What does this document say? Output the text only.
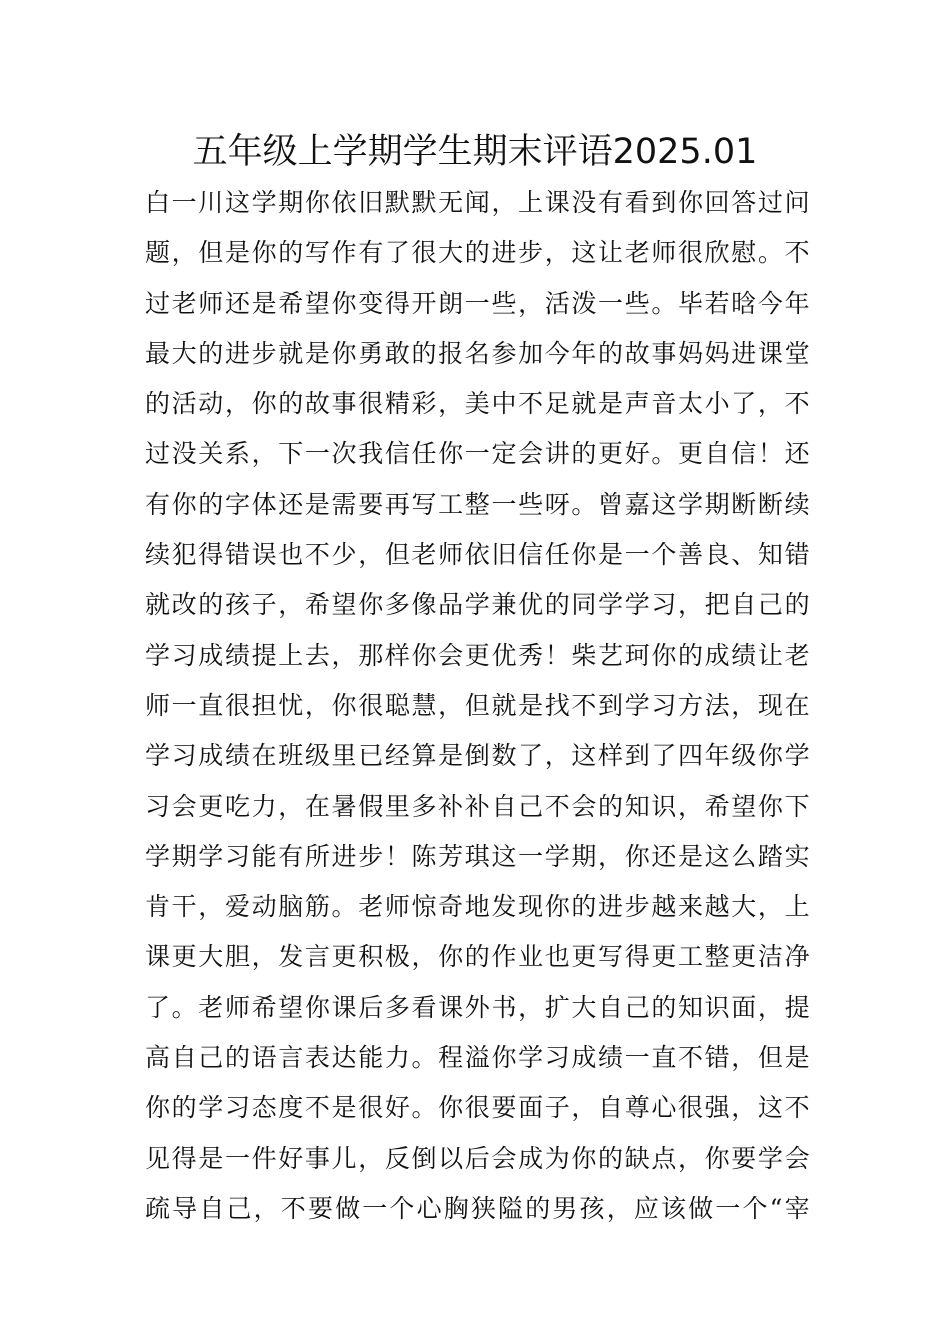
五年级上学期学生期末评语2025.01
白一川这学期你依旧默默无闻，上课没有看到你回答过问
题，但是你的写作有了很大的进步，这让老师很欣慰。不
过老师还是希望你变得开朗一些，活泼一些。毕若晗今年
最大的进步就是你勇敢的报名参加今年的故事妈妈进课堂
的活动，你的故事很精彩，美中不足就是声音太小了，不
过没关系，下一次我信任你一定会讲的更好。更自信！还
有你的字体还是需要再写工整一些呀。曾嘉这学期断断续
续犯得错误也不少，但老师依旧信任你是一个善良、知错
就改的孩子，希望你多像品学兼优的同学学习，把自己的
学习成绩提上去，那样你会更优秀！柴艺珂你的成绩让老
师一直很担忧，你很聪慧，但就是找不到学习方法，现在
学习成绩在班级里已经算是倒数了，这样到了四年级你学
习会更吃力，在暑假里多补补自己不会的知识，希望你下
学期学习能有所进步！陈芳琪这一学期，你还是这么踏实
肯干，爱动脑筋。老师惊奇地发现你的进步越来越大，上
课更大胆，发言更积极，你的作业也更写得更工整更洁净
了。老师希望你课后多看课外书，扩大自己的知识面，提
高自己的语言表达能力。程溢你学习成绩一直不错，但是
你的学习态度不是很好。你很要面子，自尊心很强，这不
见得是一件好事儿，反倒以后会成为你的缺点，你要学会
疏导自己，不要做一个心胸狭隘的男孩，应该做一个“宰
